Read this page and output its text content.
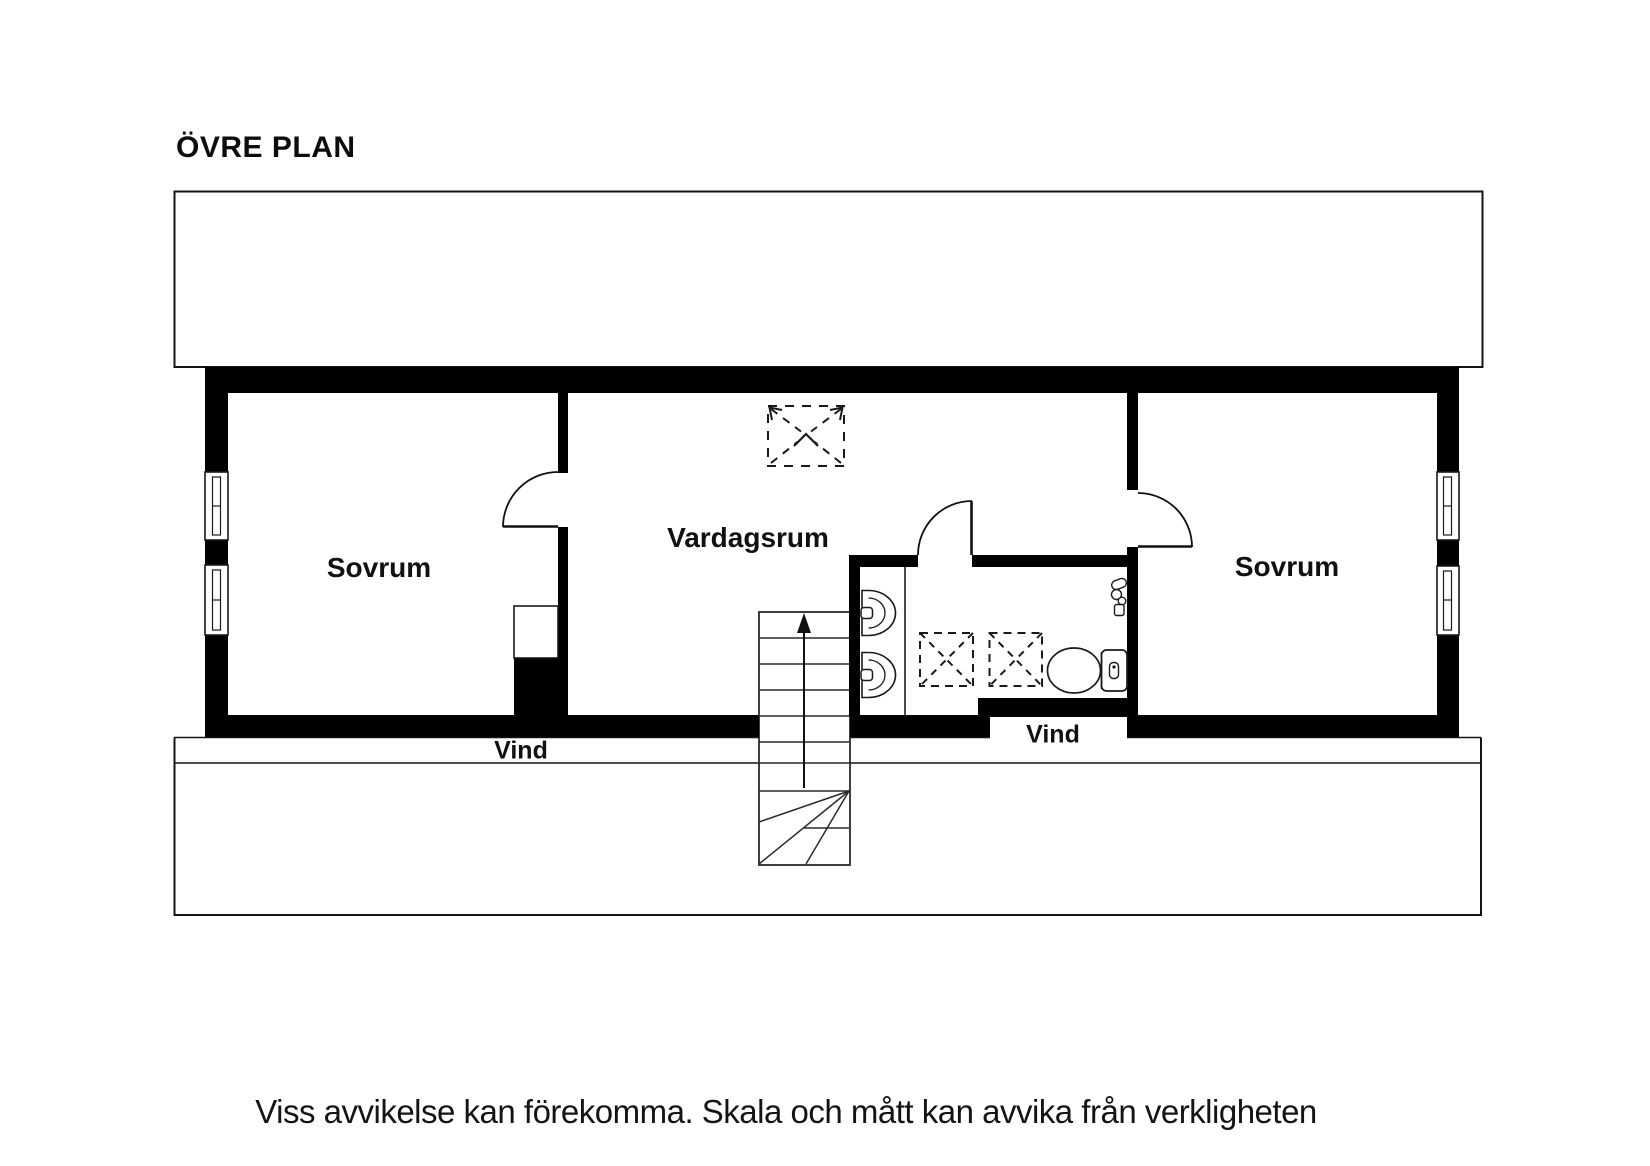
ÖVRE PLAN
Sovrum
Vardagsrum
Sovrum
Vind
Vind
Viss avvikelse kan förekomma. Skala och mått kan avvika från verkligheten
